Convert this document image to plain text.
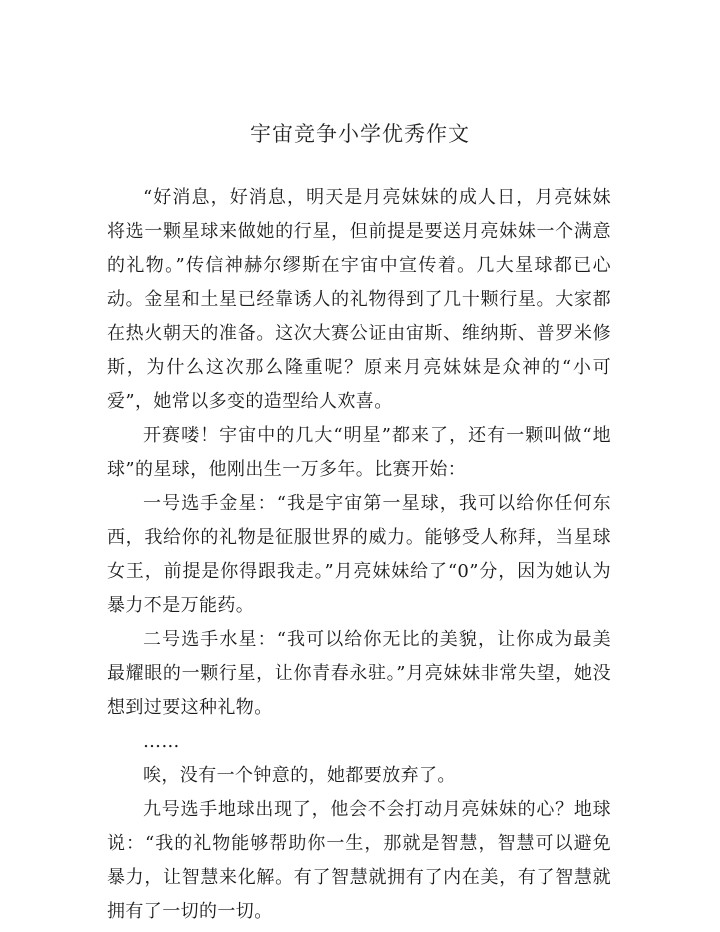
宇宙竞争小学优秀作文

“好消息，好消息，明天是月亮妹妹的成人日，月亮妹妹将选一颗星球来做她的行星，但前提是要送月亮妹妹一个满意的礼物。”传信神赫尔缪斯在宇宙中宣传着。几大星球都已心动。金星和土星已经靠诱人的礼物得到了几十颗行星。大家都在热火朝天的准备。这次大赛公证由宙斯、维纳斯、普罗米修斯，为什么这次那么隆重呢？原来月亮妹妹是众神的“小可爱”，她常以多变的造型给人欢喜。

开赛喽！宇宙中的几大“明星”都来了，还有一颗叫做“地球”的星球，他刚出生一万多年。比赛开始：

一号选手金星：“我是宇宙第一星球，我可以给你任何东西，我给你的礼物是征服世界的威力。能够受人称拜，当星球女王，前提是你得跟我走。”月亮妹妹给了“0”分，因为她认为暴力不是万能药。

二号选手水星：“我可以给你无比的美貌，让你成为最美最耀眼的一颗行星，让你青春永驻。”月亮妹妹非常失望，她没想到过要这种礼物。

……

唉，没有一个钟意的，她都要放弃了。

九号选手地球出现了，他会不会打动月亮妹妹的心？地球说：“我的礼物能够帮助你一生，那就是智慧，智慧可以避免暴力，让智慧来化解。有了智慧就拥有了内在美，有了智慧就拥有了一切的一切。
